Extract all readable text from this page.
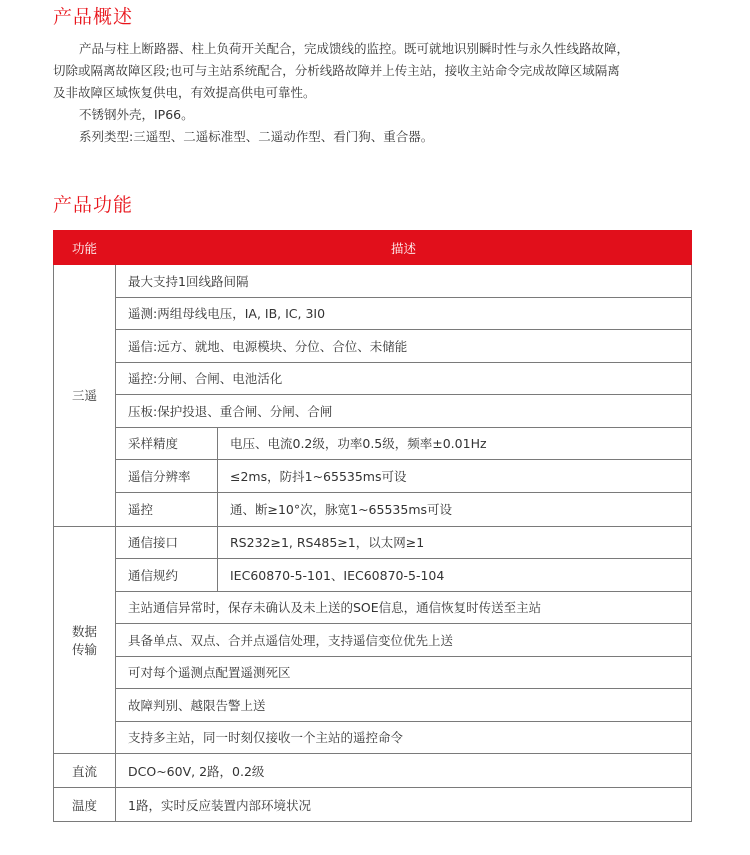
产品概述

产品与柱上断路器、柱上负荷开关配合，完成馈线的监控。既可就地识别瞬时性与永久性线路故障，

切除或隔离故障区段;也可与主站系统配合，分析线路故障并上传主站，接收主站命令完成故障区域隔离

及非故障区域恢复供电，有效提高供电可靠性。

不锈钢外壳，IP66。

系列类型:三遥型、二遥标准型、二遥动作型、看门狗、重合器。

产品功能
功能	描述	
三遥	最大支持1回线路间隔	
	遥测:两组母线电压，IA, IB, IC, 3I0	
	遥信:远方、就地、电源模块、分位、合位、未储能	
	遥控:分闸、合闸、电池活化	
	压板:保护投退、重合闸、分闸、合闸	
	采样精度	电压、电流0.2级，功率0.5级，频率±0.01Hz
	遥信分辨率	≤2ms，防抖1~65535ms可设
	遥控	通、断≥10°次，脉宽1~65535ms可设
数据
传输	通信接口	RS232≥1, RS485≥1，以太网≥1
	通信规约	IEC60870-5-101、IEC60870-5-104
	主站通信异常时，保存未确认及未上送的SOE信息，通信恢复时传送至主站	
	具备单点、双点、合并点遥信处理，支持遥信变位优先上送	
	可对每个遥测点配置遥测死区	
	故障判别、越限告警上送	
	支持多主站，同一时刻仅接收一个主站的遥控命令	
直流	DCO~60V, 2路，0.2级	
温度	1路，实时反应装置内部环境状况	
